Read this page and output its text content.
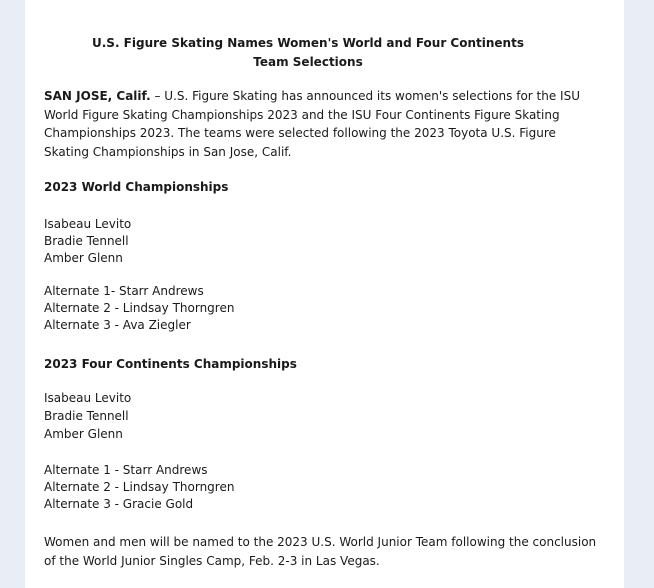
U.S. Figure Skating Names Women's World and Four Continents
Team Selections
SAN JOSE, Calif. – U.S. Figure Skating has announced its women's selections for the ISU World Figure Skating Championships 2023 and the ISU Four Continents Figure Skating Championships 2023. The teams were selected following the 2023 Toyota U.S. Figure Skating Championships in San Jose, Calif.
2023 World Championships
Isabeau Levito
Bradie Tennell
Amber Glenn
Alternate 1- Starr Andrews
Alternate 2 - Lindsay Thorngren
Alternate 3 - Ava Ziegler
2023 Four Continents Championships
Isabeau Levito
Bradie Tennell
Amber Glenn
Alternate 1 - Starr Andrews
Alternate 2 - Lindsay Thorngren
Alternate 3 - Gracie Gold
Women and men will be named to the 2023 U.S. World Junior Team following the conclusion of the World Junior Singles Camp, Feb. 2-3 in Las Vegas.
